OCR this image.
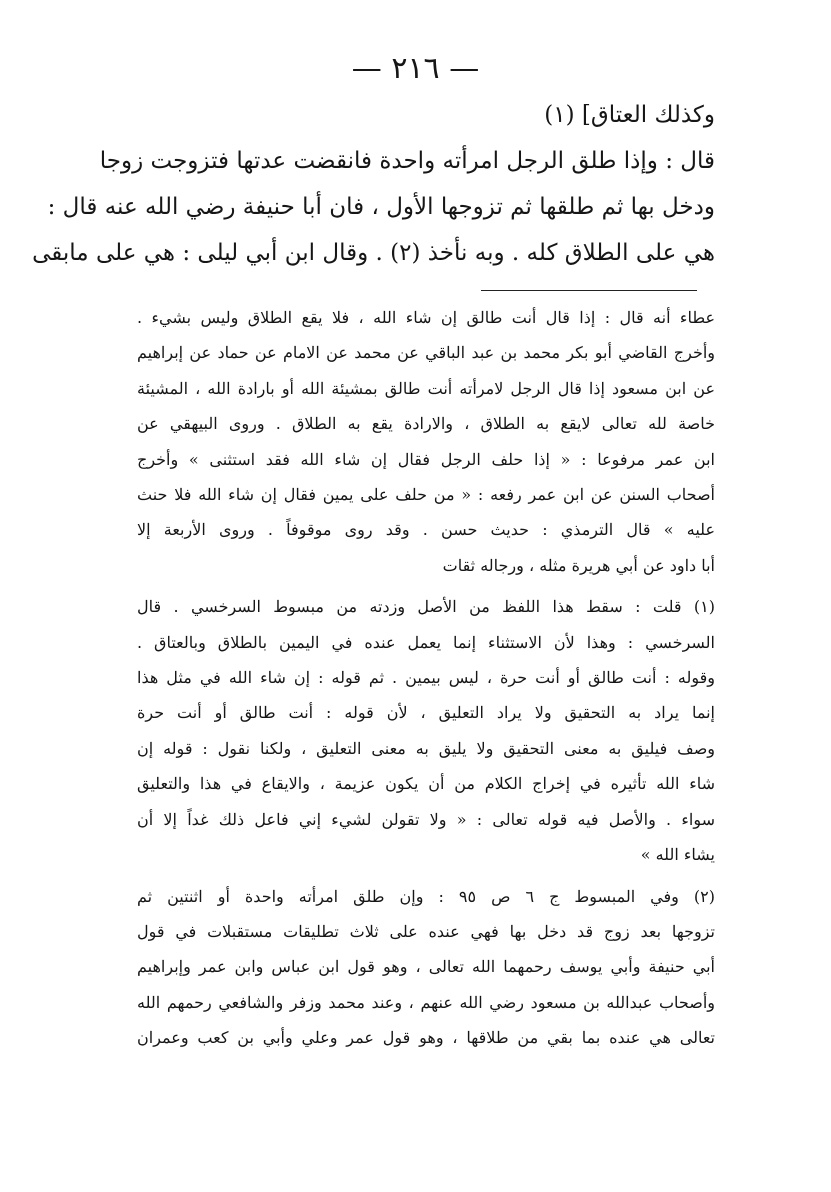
— ٢١٦ —
وكذلك العتاق] (١)
قال : وإذا طلق الرجل امرأته واحدة فانقضت عدتها فتزوجت زوجا
ودخل بها ثم طلقها ثم تزوجها الأول ، فان أبا حنيفة رضي الله عنه قال :
هي على الطلاق كله . وبه نأخذ (٢) . وقال ابن أبي ليلى : هي على مابقى
عطاء أنه قال : إذا قال أنت طالق إن شاء الله ، فلا يقع الطلاق وليس بشيء .
وأخرج القاضي أبو بكر محمد بن عبد الباقي عن محمد عن الامام عن حماد عن إبراهيم
عن ابن مسعود إذا قال الرجل لامرأته أنت طالق بمشيئة الله أو بارادة الله ، المشيئة
خاصة لله تعالى لايقع به الطلاق ، والارادة يقع به الطلاق . وروى البيهقي عن
ابن عمر مرفوعا : « إذا حلف الرجل فقال إن شاء الله فقد استثنى » وأخرج
أصحاب السنن عن ابن عمر رفعه : « من حلف على يمين فقال إن شاء الله فلا حنث
عليه » قال الترمذي : حديث حسن . وقد روى موقوفاً . وروى الأربعة إلا
أبا داود عن أبي هريرة مثله ، ورجاله ثقات
(١) قلت : سقط هذا اللفظ من الأصل وزدته من مبسوط السرخسي . قال
السرخسي : وهذا لأن الاستثناء إنما يعمل عنده في اليمين بالطلاق وبالعتاق .
وقوله : أنت طالق أو أنت حرة ، ليس بيمين . ثم قوله : إن شاء الله في مثل هذا
إنما يراد به التحقيق ولا يراد التعليق ، لأن قوله : أنت طالق أو أنت حرة
وصف فيليق به معنى التحقيق ولا يليق به معنى التعليق ، ولكنا نقول : قوله إن
شاء الله تأثيره في إخراج الكلام من أن يكون عزيمة ، والايقاع في هذا والتعليق
سواء . والأصل فيه قوله تعالى : « ولا تقولن لشيء إني فاعل ذلك غداً إلا أن
يشاء الله »
(٢) وفي المبسوط ج ٦ ص ٩٥ : وإن طلق امرأته واحدة أو اثنتين ثم
تزوجها بعد زوج قد دخل بها فهي عنده على ثلاث تطليقات مستقبلات في قول
أبي حنيفة وأبي يوسف رحمهما الله تعالى ، وهو قول ابن عباس وابن عمر وإبراهيم
وأصحاب عبدالله بن مسعود رضي الله عنهم ، وعند محمد وزفر والشافعي رحمهم الله
تعالى هي عنده بما بقي من طلاقها ، وهو قول عمر وعلي وأبي بن كعب وعمران
